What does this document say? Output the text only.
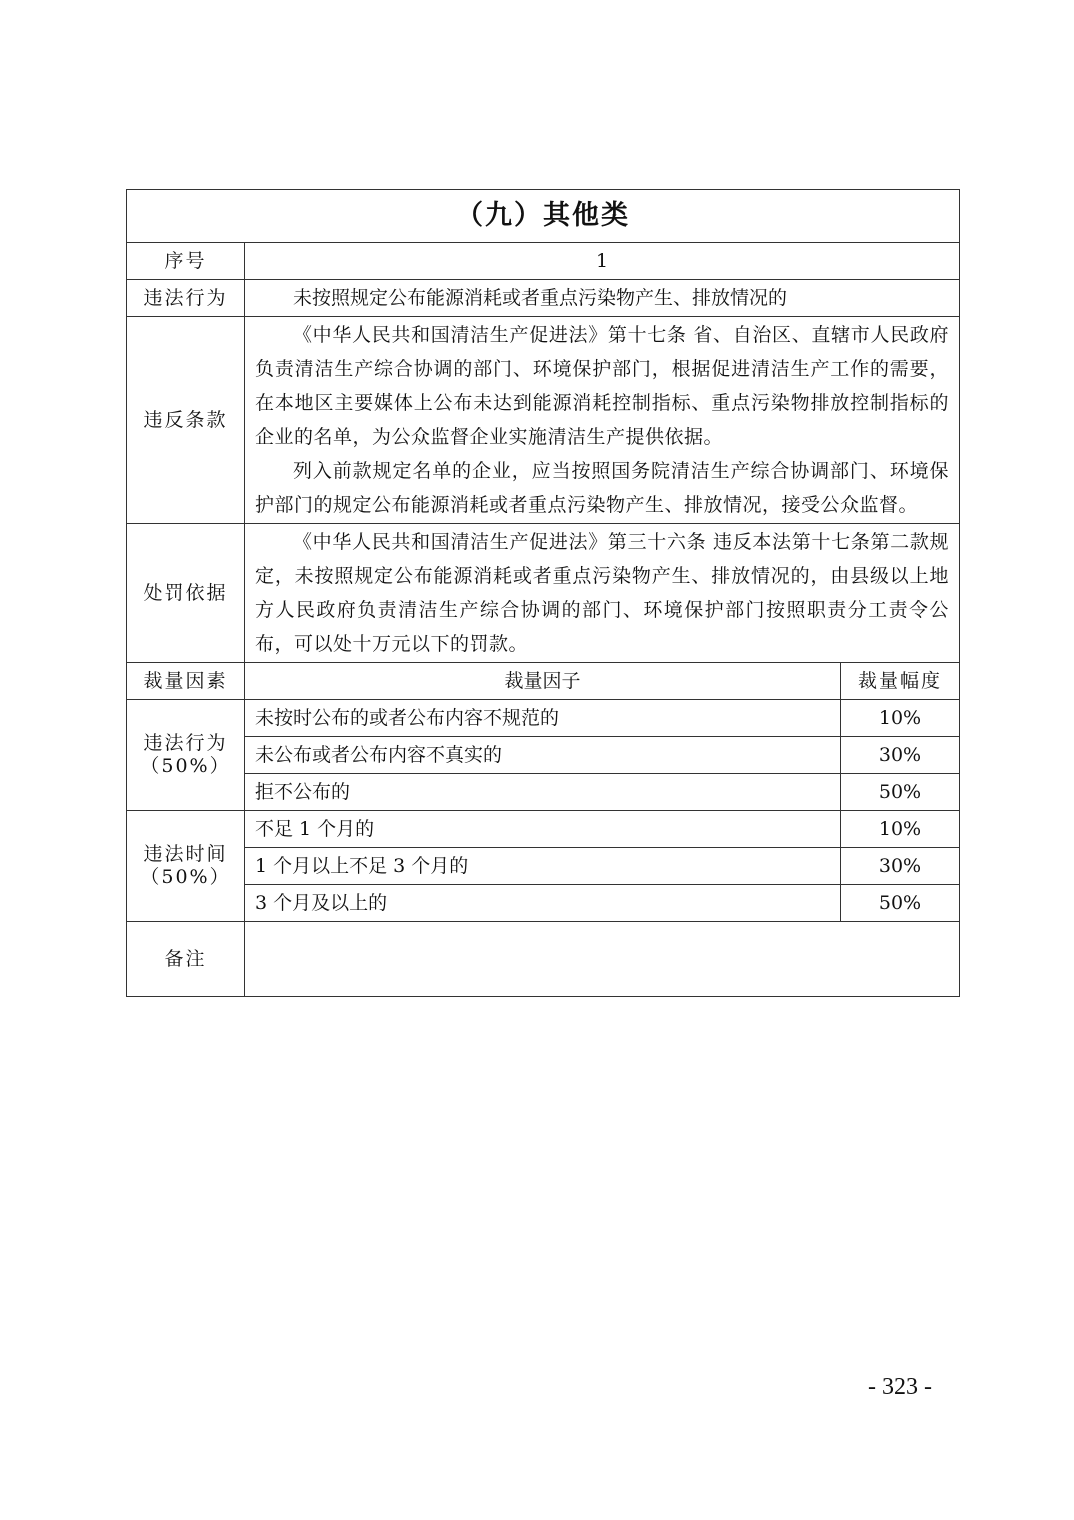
（九）其他类		
序号	1	
违法行为	未按照规定公布能源消耗或者重点污染物产生、排放情况的	
违反条款	《中华人民共和国清洁生产促进法》第十七条 省、自治区、直辖市人民政府负责清洁生产综合协调的部门、环境保护部门，根据促进清洁生产工作的需要，在本地区主要媒体上公布未达到能源消耗控制指标、重点污染物排放控制指标的企业的名单，为公众监督企业实施清洁生产提供依据。

列入前款规定名单的企业，应当按照国务院清洁生产综合协调部门、环境保护部门的规定公布能源消耗或者重点污染物产生、排放情况，接受公众监督。	

处罚依据	《中华人民共和国清洁生产促进法》第三十六条 违反本法第十七条第二款规定，未按照规定公布能源消耗或者重点污染物产生、排放情况的，由县级以上地方人民政府负责清洁生产综合协调的部门、环境保护部门按照职责分工责令公布，可以处十万元以下的罚款。	

裁量因素	裁量因子	裁量幅度

违法行为
（50%）	未按时公布的或者公布内容不规范的	10%
	未公布或者公布内容不真实的	30%
	拒不公布的	50%

违法时间
（50%）	不足 1 个月的	10%
	1 个月以上不足 3 个月的	30%
	3 个月及以上的	50%
备注		
- 323 -
